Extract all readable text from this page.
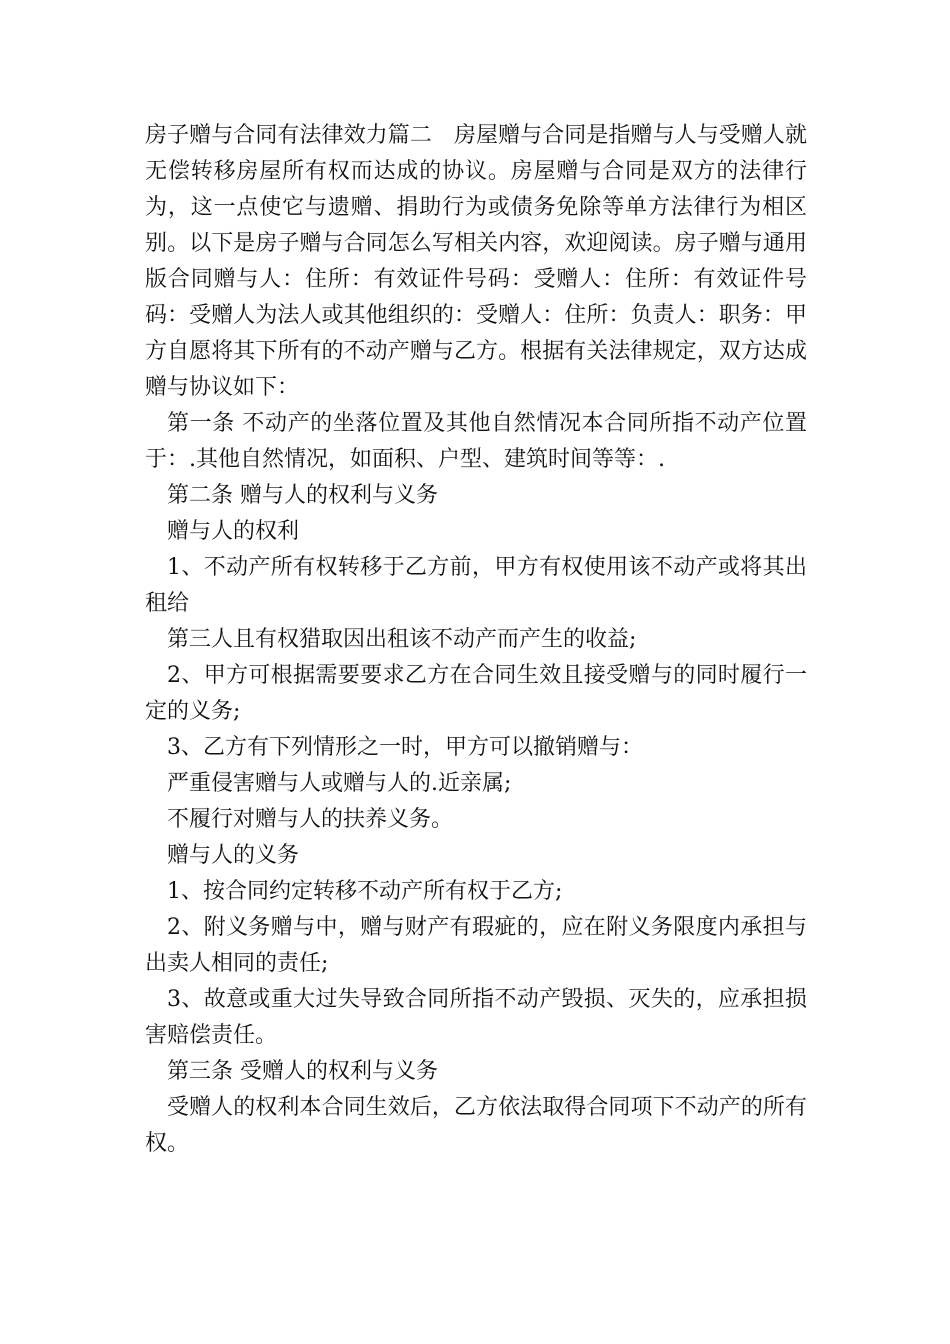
房子赠与合同有法律效力篇二　房屋赠与合同是指赠与人与受赠人就无偿转移房屋所有权而达成的协议。房屋赠与合同是双方的法律行为，这一点使它与遗赠、捐助行为或债务免除等单方法律行为相区别。以下是房子赠与合同怎么写相关内容，欢迎阅读。房子赠与通用版合同赠与人：住所：有效证件号码：受赠人：住所：有效证件号码：受赠人为法人或其他组织的：受赠人：住所：负责人：职务：甲方自愿将其下所有的不动产赠与乙方。根据有关法律规定，双方达成赠与协议如下：

第一条 不动产的坐落位置及其他自然情况本合同所指不动产位置于：.其他自然情况，如面积、户型、建筑时间等等：.

第二条 赠与人的权利与义务

赠与人的权利

1、不动产所有权转移于乙方前，甲方有权使用该不动产或将其出租给

第三人且有权猎取因出租该不动产而产生的收益;

2、甲方可根据需要要求乙方在合同生效且接受赠与的同时履行一定的义务;

3、乙方有下列情形之一时，甲方可以撤销赠与：

严重侵害赠与人或赠与人的.近亲属;

不履行对赠与人的扶养义务。

赠与人的义务

1、按合同约定转移不动产所有权于乙方;

2、附义务赠与中，赠与财产有瑕疵的，应在附义务限度内承担与出卖人相同的责任;

3、故意或重大过失导致合同所指不动产毁损、灭失的，应承担损害赔偿责任。

第三条 受赠人的权利与义务

受赠人的权利本合同生效后，乙方依法取得合同项下不动产的所有权。
